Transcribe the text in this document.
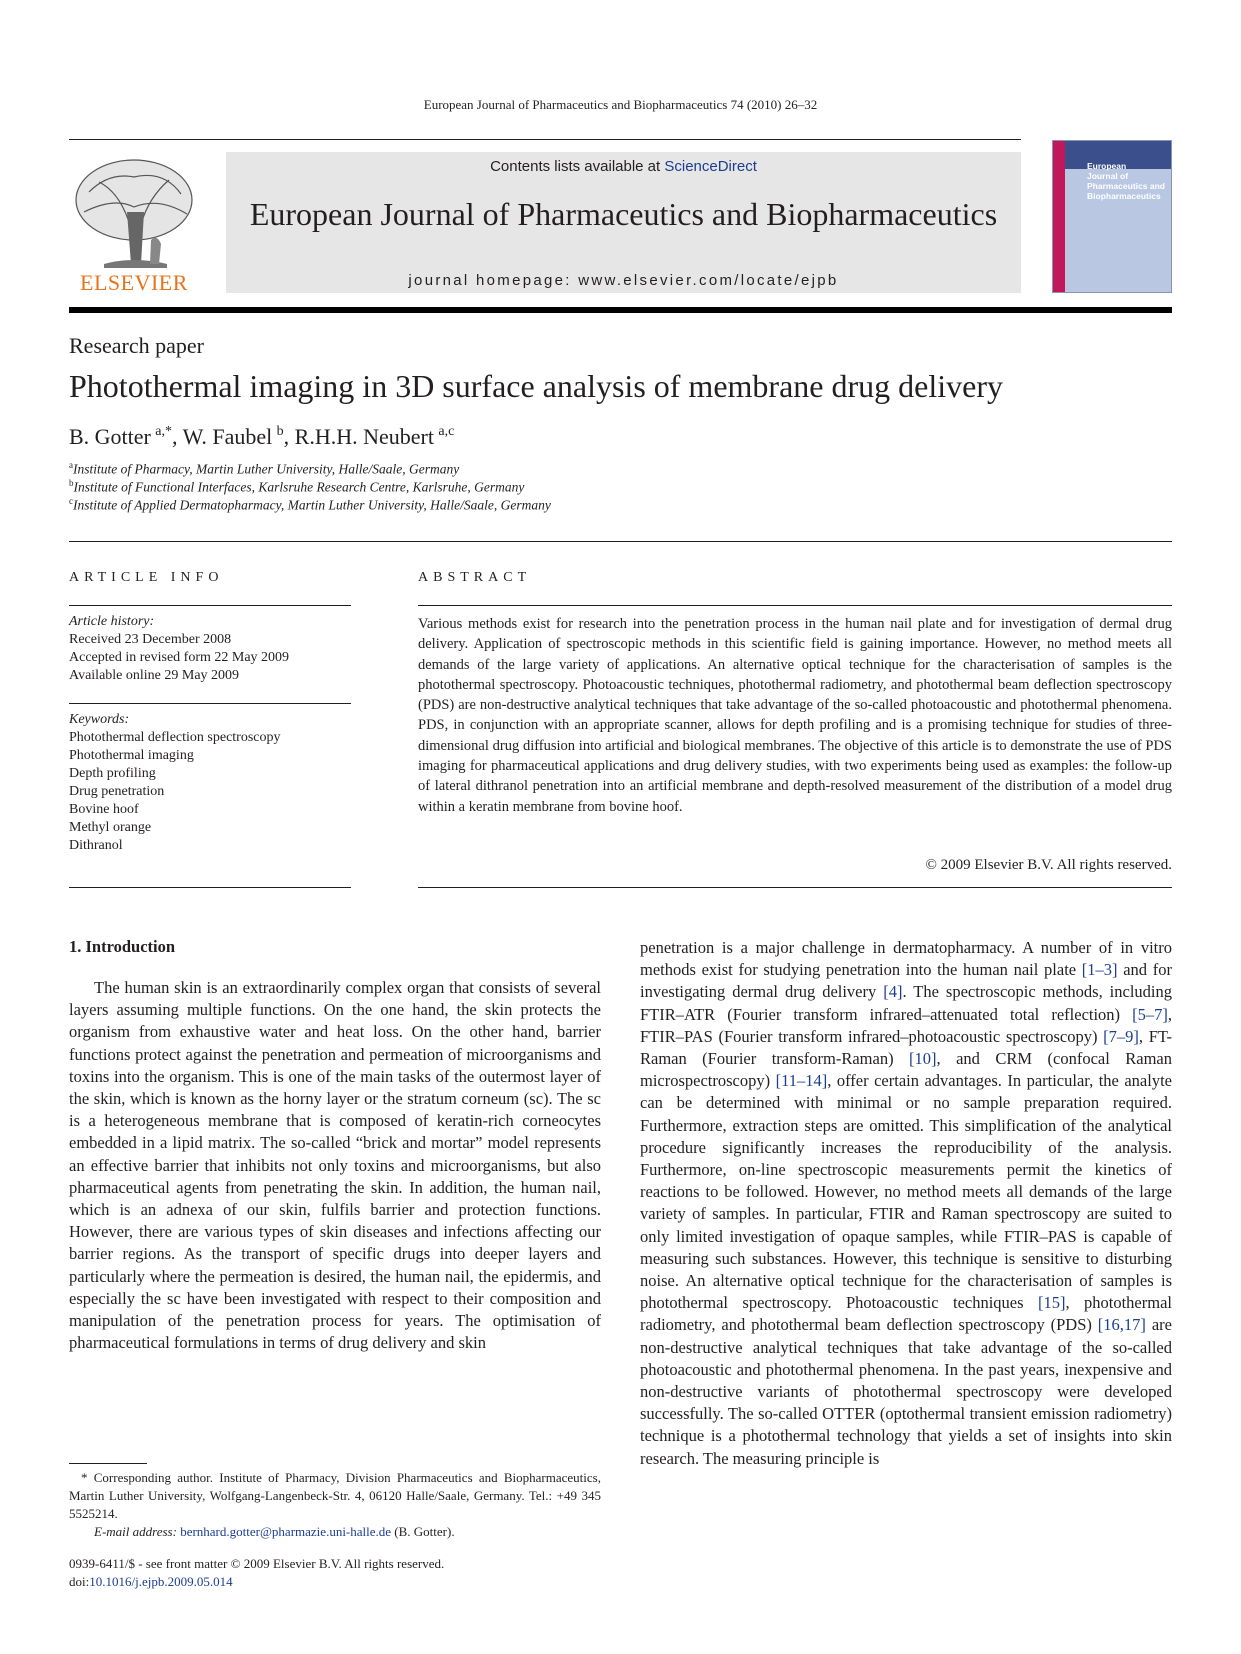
European Journal of Pharmaceutics and Biopharmaceutics 74 (2010) 26–32
ELSEVIER
Contents lists available at ScienceDirect
European Journal of Pharmaceutics and Biopharmaceutics
journal homepage: www.elsevier.com/locate/ejpb
European
Journal of
Pharmaceutics and
Biopharmaceutics
Research paper
Photothermal imaging in 3D surface analysis of membrane drug delivery
B. Gotter  $^{a,*}$, W. Faubel  $^b$, R.H.H. Neubert  $^{a,c}$
$^a$Institute of Pharmacy, Martin Luther University, Halle/Saale, Germany
$^b$Institute of Functional Interfaces, Karlsruhe Research Centre, Karlsruhe, Germany
$^c$Institute of Applied Dermatopharmacy, Martin Luther University, Halle/Saale, Germany
ARTICLE INFO
Article history:
Received 23 December 2008
Accepted in revised form 22 May 2009
Available online 29 May 2009
Keywords:
Photothermal deflection spectroscopy
Photothermal imaging
Depth profiling
Drug penetration
Bovine hoof
Methyl orange
Dithranol
ABSTRACT
Various methods exist for research into the penetration process in the human nail plate and for investigation of dermal drug delivery. Application of spectroscopic methods in this scientific field is gaining importance. However, no method meets all demands of the large variety of applications. An alternative optical technique for the characterisation of samples is the photothermal spectroscopy. Photoacoustic techniques, photothermal radiometry, and photothermal beam deflection spectroscopy (PDS) are non-destructive analytical techniques that take advantage of the so-called photoacoustic and photothermal phenomena. PDS, in conjunction with an appropriate scanner, allows for depth profiling and is a promising technique for studies of three-dimensional drug diffusion into artificial and biological membranes. The objective of this article is to demonstrate the use of PDS imaging for pharmaceutical applications and drug delivery studies, with two experiments being used as examples: the follow-up of lateral dithranol penetration into an artificial membrane and depth-resolved measurement of the distribution of a model drug within a keratin membrane from bovine hoof.
© 2009 Elsevier B.V. All rights reserved.
1. Introduction
The human skin is an extraordinarily complex organ that consists of several layers assuming multiple functions. On the one hand, the skin protects the organism from exhaustive water and heat loss. On the other hand, barrier functions protect against the penetration and permeation of microorganisms and toxins into the organism. This is one of the main tasks of the outermost layer of the skin, which is known as the horny layer or the stratum corneum (sc). The sc is a heterogeneous membrane that is composed of keratin-rich corneocytes embedded in a lipid matrix. The so-called “brick and mortar” model represents an effective barrier that inhibits not only toxins and microorganisms, but also pharmaceutical agents from penetrating the skin. In addition, the human nail, which is an adnexa of our skin, fulfils barrier and protection functions. However, there are various types of skin diseases and infections affecting our barrier regions. As the transport of specific drugs into deeper layers and particularly where the permeation is desired, the human nail, the epidermis, and especially the sc have been investigated with respect to their composition and manipulation of the penetration process for years. The optimisation of pharmaceutical formulations in terms of drug delivery and skin
penetration is a major challenge in dermatopharmacy. A number of in vitro methods exist for studying penetration into the human nail plate [1–3] and for investigating dermal drug delivery [4]. The spectroscopic methods, including FTIR–ATR (Fourier transform infrared–attenuated total reflection) [5–7], FTIR–PAS (Fourier transform infrared–photoacoustic spectroscopy) [7–9], FT-Raman (Fourier transform-Raman) [10], and CRM (confocal Raman microspectroscopy) [11–14], offer certain advantages. In particular, the analyte can be determined with minimal or no sample preparation required. Furthermore, extraction steps are omitted. This simplification of the analytical procedure significantly increases the reproducibility of the analysis. Furthermore, on-line spectroscopic measurements permit the kinetics of reactions to be followed. However, no method meets all demands of the large variety of samples. In particular, FTIR and Raman spectroscopy are suited to only limited investigation of opaque samples, while FTIR–PAS is capable of measuring such substances. However, this technique is sensitive to disturbing noise. An alternative optical technique for the characterisation of samples is photothermal spectroscopy. Photoacoustic techniques [15], photothermal radiometry, and photothermal beam deflection spectroscopy (PDS) [16,17] are non-destructive analytical techniques that take advantage of the so-called photoacoustic and photothermal phenomena. In the past years, inexpensive and non-destructive variants of photothermal spectroscopy were developed successfully. The so-called OTTER (optothermal transient emission radiometry) technique is a photothermal technology that yields a set of insights into skin research. The measuring principle is
* Corresponding author. Institute of Pharmacy, Division Pharmaceutics and Biopharmaceutics, Martin Luther University, Wolfgang-Langenbeck-Str. 4, 06120 Halle/Saale, Germany. Tel.: +49 345 5525214.
E-mail address: bernhard.gotter@pharmazie.uni-halle.de (B. Gotter).
0939-6411/$ - see front matter © 2009 Elsevier B.V. All rights reserved.
doi:10.1016/j.ejpb.2009.05.014
